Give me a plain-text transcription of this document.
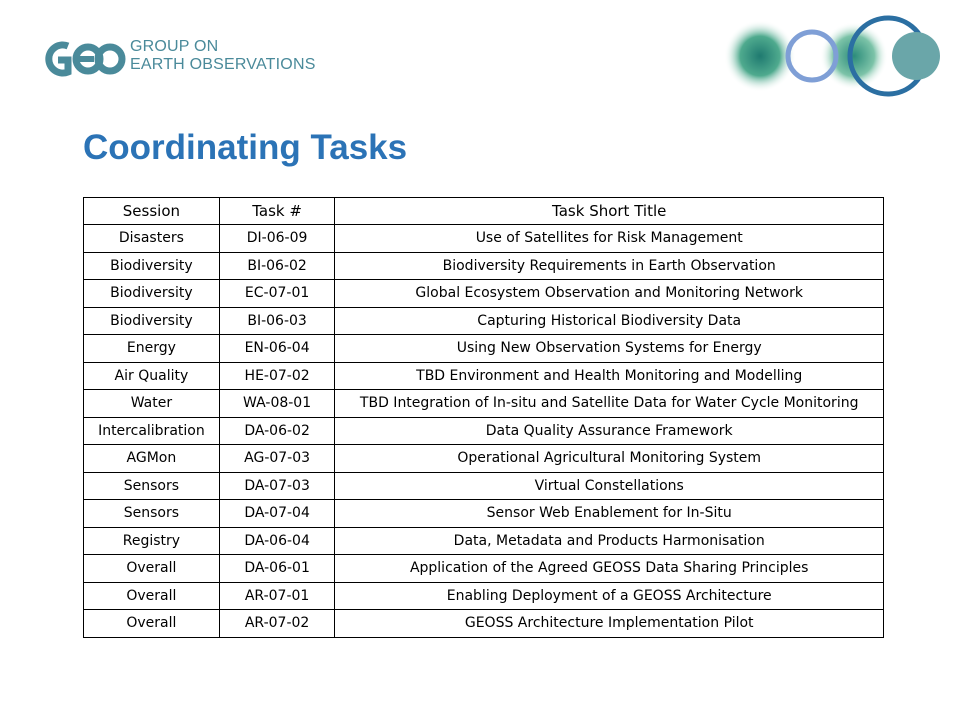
GROUP ON
EARTH OBSERVATIONS
Coordinating Tasks
Session	Task #	Task Short Title
Disasters	DI-06-09	Use of Satellites for Risk Management
Biodiversity	BI-06-02	Biodiversity Requirements in Earth Observation
Biodiversity	EC-07-01	Global Ecosystem Observation and Monitoring Network
Biodiversity	BI-06-03	Capturing Historical Biodiversity Data
Energy	EN-06-04	Using New Observation Systems for Energy
Air Quality	HE-07-02	TBD Environment and Health Monitoring and Modelling
Water	WA-08-01	TBD Integration of In-situ and Satellite Data for Water Cycle Monitoring
Intercalibration	DA-06-02	Data Quality Assurance Framework
AGMon	AG-07-03	Operational Agricultural Monitoring System
Sensors	DA-07-03	Virtual Constellations
Sensors	DA-07-04	Sensor Web Enablement for In-Situ
Registry	DA-06-04	Data, Metadata and Products Harmonisation
Overall	DA-06-01	Application of the Agreed GEOSS Data Sharing Principles
Overall	AR-07-01	Enabling Deployment of a GEOSS Architecture
Overall	AR-07-02	GEOSS Architecture Implementation Pilot
